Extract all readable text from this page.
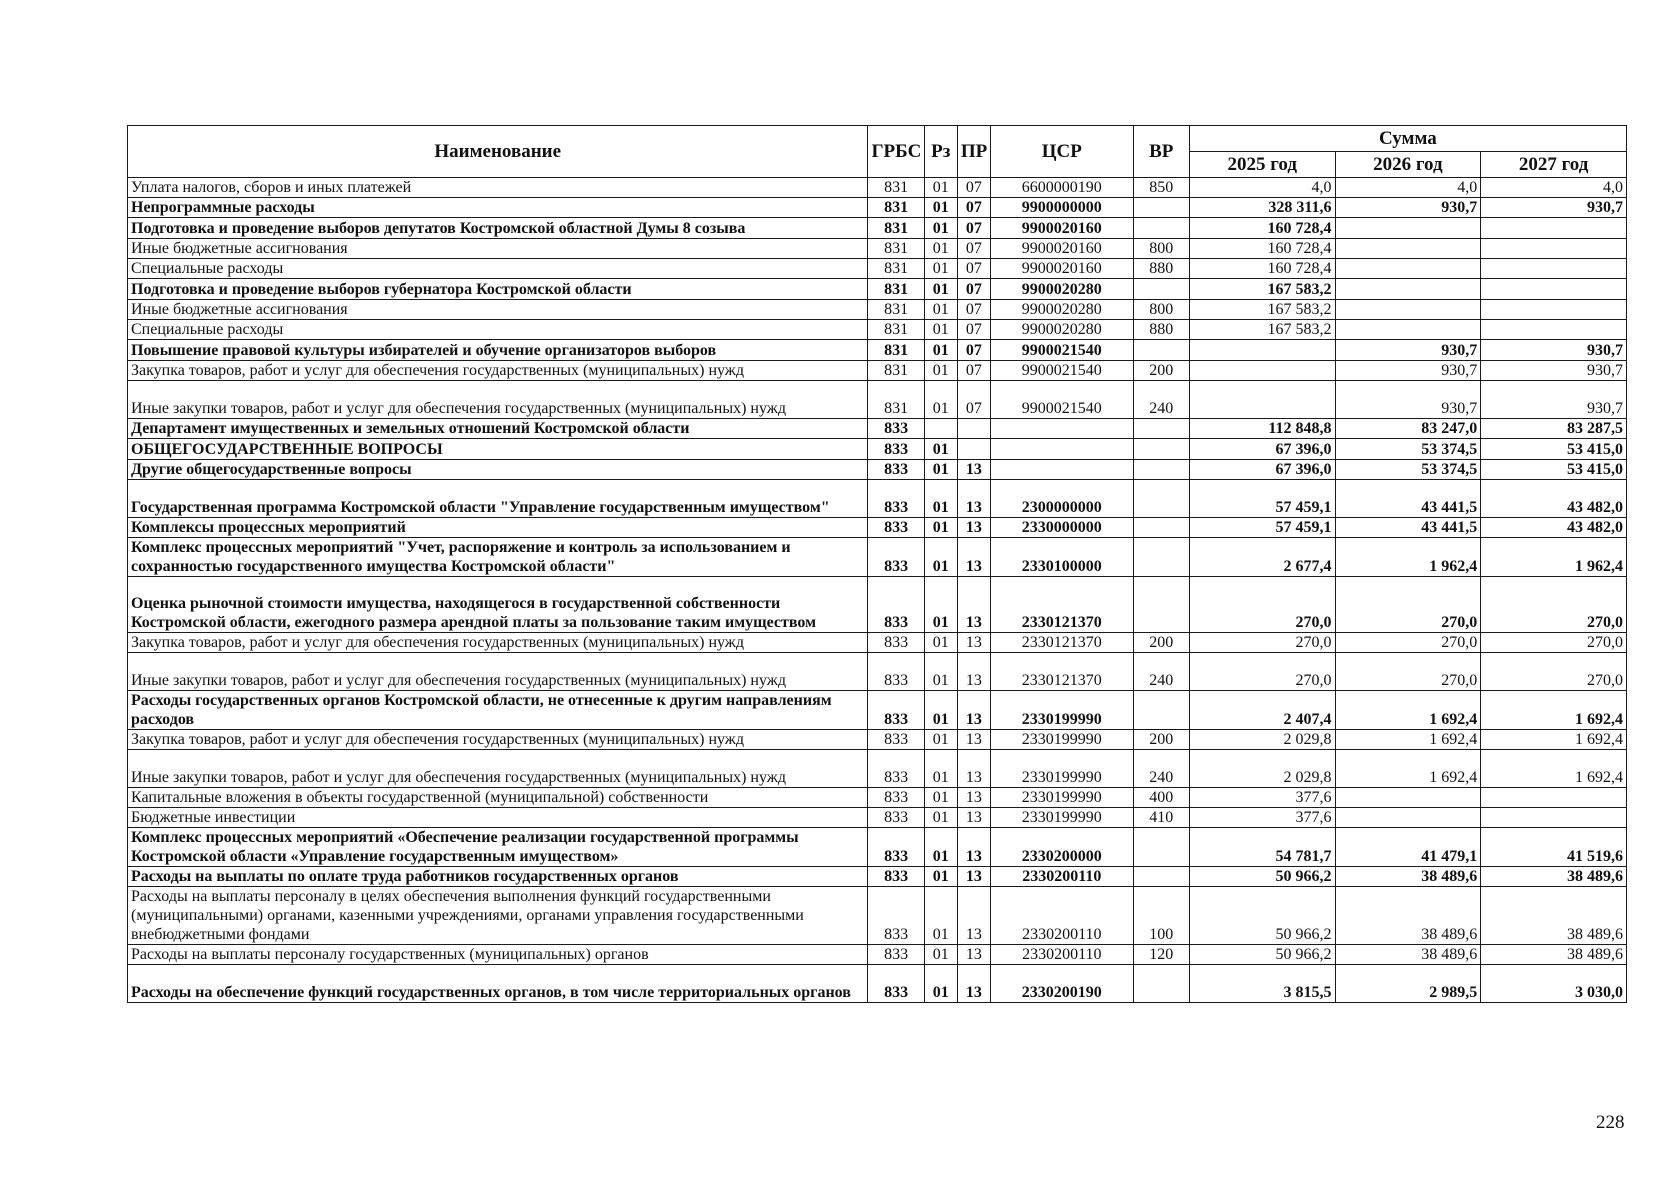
Наименование	ГРБС	Рз	ПР	ЦСР	ВР	Сумма		
						2025 год	2026 год	2027 год
Уплата налогов, сборов и иных платежей	831	01	07	6600000190	850	4,0	4,0	4,0
Непрограммные расходы	831	01	07	9900000000		328 311,6	930,7	930,7
Подготовка и проведение выборов депутатов Костромской областной Думы 8 созыва	831	01	07	9900020160		160 728,4		
Иные бюджетные ассигнования	831	01	07	9900020160	800	160 728,4		
Специальные расходы	831	01	07	9900020160	880	160 728,4		
Подготовка и проведение выборов губернатора Костромской области	831	01	07	9900020280		167 583,2		
Иные бюджетные ассигнования	831	01	07	9900020280	800	167 583,2		
Специальные расходы	831	01	07	9900020280	880	167 583,2		
Повышение правовой культуры избирателей и обучение организаторов выборов	831	01	07	9900021540			930,7	930,7
Закупка товаров, работ и услуг для обеспечения государственных (муниципальных) нужд	831	01	07	9900021540	200		930,7	930,7
Иные закупки товаров, работ и услуг для обеспечения государственных (муниципальных) нужд	831	01	07	9900021540	240		930,7	930,7
Департамент имущественных и земельных отношений Костромской области	833					112 848,8	83 247,0	83 287,5
ОБЩЕГОСУДАРСТВЕННЫЕ ВОПРОСЫ	833	01				67 396,0	53 374,5	53 415,0
Другие общегосударственные вопросы	833	01	13			67 396,0	53 374,5	53 415,0
Государственная программа Костромской области "Управление государственным имуществом"	833	01	13	2300000000		57 459,1	43 441,5	43 482,0
Комплексы процессных мероприятий	833	01	13	2330000000		57 459,1	43 441,5	43 482,0
Комплекс процессных мероприятий "Учет, распоряжение и контроль за использованием и сохранностью государственного имущества Костромской области"	833	01	13	2330100000		2 677,4	1 962,4	1 962,4
Оценка рыночной стоимости имущества, находящегося в государственной собственности Костромской области, ежегодного размера арендной платы за пользование таким имуществом	833	01	13	2330121370		270,0	270,0	270,0
Закупка товаров, работ и услуг для обеспечения государственных (муниципальных) нужд	833	01	13	2330121370	200	270,0	270,0	270,0
Иные закупки товаров, работ и услуг для обеспечения государственных (муниципальных) нужд	833	01	13	2330121370	240	270,0	270,0	270,0
Расходы государственных органов Костромской области, не отнесенные к другим направлениям расходов	833	01	13	2330199990		2 407,4	1 692,4	1 692,4
Закупка товаров, работ и услуг для обеспечения государственных (муниципальных) нужд	833	01	13	2330199990	200	2 029,8	1 692,4	1 692,4
Иные закупки товаров, работ и услуг для обеспечения государственных (муниципальных) нужд	833	01	13	2330199990	240	2 029,8	1 692,4	1 692,4
Капитальные вложения в объекты государственной (муниципальной) собственности	833	01	13	2330199990	400	377,6		
Бюджетные инвестиции	833	01	13	2330199990	410	377,6		
Комплекс процессных мероприятий «Обеспечение реализации государственной программы Костромской области «Управление государственным имуществом»	833	01	13	2330200000		54 781,7	41 479,1	41 519,6
Расходы на выплаты по оплате труда работников государственных органов	833	01	13	2330200110		50 966,2	38 489,6	38 489,6
Расходы на выплаты персоналу в целях обеспечения выполнения функций государственными (муниципальными) органами, казенными учреждениями, органами управления государственными внебюджетными фондами	833	01	13	2330200110	100	50 966,2	38 489,6	38 489,6
Расходы на выплаты персоналу государственных (муниципальных) органов	833	01	13	2330200110	120	50 966,2	38 489,6	38 489,6
Расходы на обеспечение функций государственных органов, в том числе территориальных органов	833	01	13	2330200190		3 815,5	2 989,5	3 030,0
228
